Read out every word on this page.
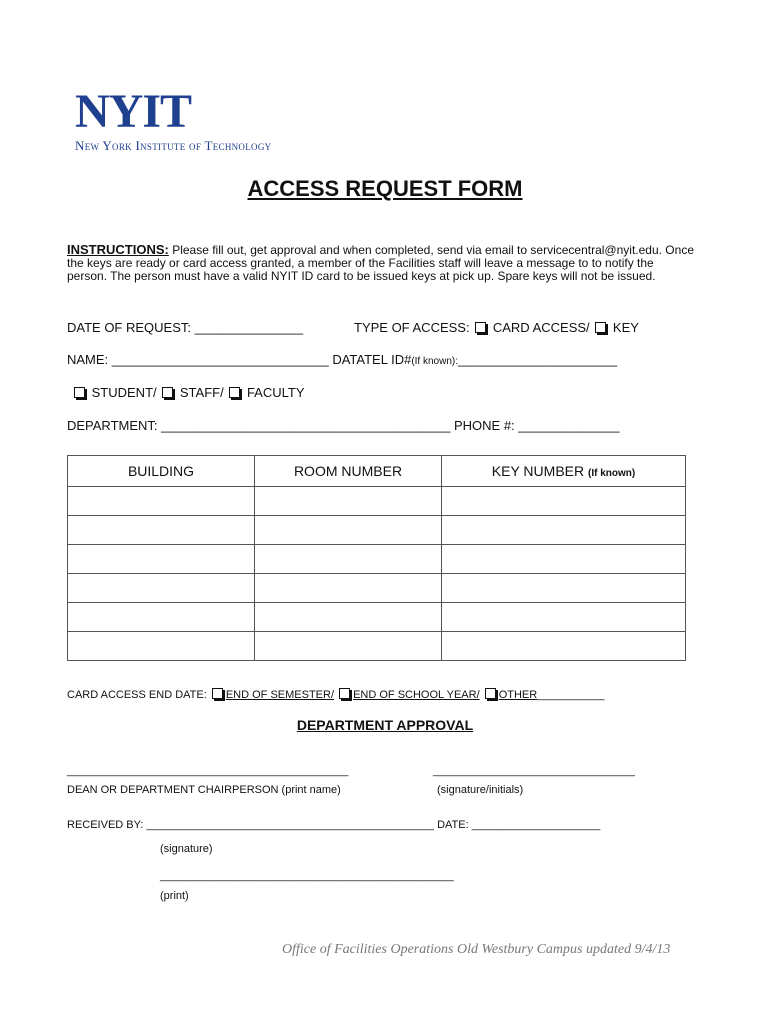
NYIT
New York Institute of Technology
ACCESS REQUEST FORM
INSTRUCTIONS: Please fill out, get approval and when completed, send via email to servicecentral@nyit.edu. Once the keys are ready or card access granted, a member of the Facilities staff will leave a message to to notify the person. The person must have a valid NYIT ID card to be issued keys at pick up. Spare keys will not be issued.
DATE OF REQUEST: _______________	TYPE OF ACCESS: CARD ACCESS/ KEY
NAME: ______________________________ DATATEL ID#(If known):______________________
STUDENT/ STAFF/ FACULTY
DEPARTMENT: ________________________________________ PHONE #: ______________
BUILDING	ROOM NUMBER	KEY NUMBER (If known)

CARD ACCESS END DATE: END OF SEMESTER/ END OF SCHOOL YEAR/ OTHER___________
DEPARTMENT APPROVAL
______________________________________________	_________________________________
DEAN OR DEPARTMENT CHAIRPERSON (print name)	(signature/initials)
RECEIVED BY: _______________________________________________ DATE: _____________________
(signature)
________________________________________________
(print)
Office of Facilities Operations Old Westbury Campus updated 9/4/13
